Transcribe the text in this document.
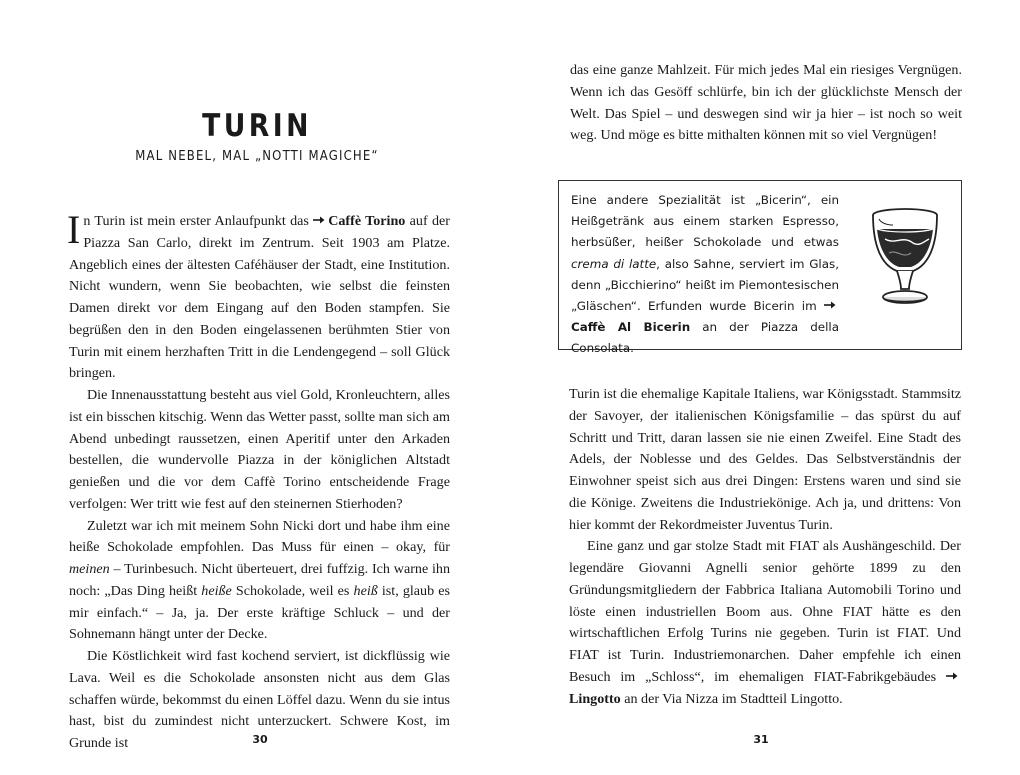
TURIN
MAL NEBEL, MAL „NOTTI MAGICHE“

In Turin ist mein erster Anlaufpunkt das Caffè Torino auf der Piazza San Carlo, direkt im Zentrum. Seit 1903 am Platze. Angeblich eines der ältesten Caféhäuser der Stadt, eine Institution. Nicht wundern, wenn Sie beobachten, wie selbst die feinsten Damen direkt vor dem Eingang auf den Boden stampfen. Sie begrüßen den in den Boden eingelassenen berühmten Stier von Turin mit einem herzhaften Tritt in die Lendengegend – soll Glück bringen.

Die Innenausstattung besteht aus viel Gold, Kronleuchtern, alles ist ein bisschen kitschig. Wenn das Wetter passt, sollte man sich am Abend unbedingt raussetzen, einen Aperitif unter den Arkaden bestellen, die wundervolle Piazza in der königlichen Altstadt genießen und die vor dem Caffè Torino entscheidende Frage verfolgen: Wer tritt wie fest auf den steinernen Stierhoden?

Zuletzt war ich mit meinem Sohn Nicki dort und habe ihm eine heiße Schokolade empfohlen. Das Muss für einen – okay, für meinen – Turinbesuch. Nicht überteuert, drei fuffzig. Ich warne ihn noch: „Das Ding heißt heiße Schokolade, weil es heiß ist, glaub es mir einfach.“ – Ja, ja. Der erste kräftige Schluck – und der Sohnemann hängt unter der Decke.

Die Köstlichkeit wird fast kochend serviert, ist dickflüssig wie Lava. Weil es die Schokolade ansonsten nicht aus dem Glas schaffen würde, bekommst du einen Löffel dazu. Wenn du sie intus hast, bist du zumindest nicht unterzuckert. Schwere Kost, im Grunde ist	30

das eine ganze Mahlzeit. Für mich jedes Mal ein riesiges Vergnügen. Wenn ich das Gesöff schlürfe, bin ich der glücklichste Mensch der Welt. Das Spiel – und deswegen sind wir ja hier – ist noch so weit weg. Und möge es bitte mithalten können mit so viel Vergnügen!

Eine andere Spezialität ist „Bicerin“, ein Heißgetränk aus einem starken Espresso, herbsüßer, heißer Schokolade und etwas crema di latte, also Sahne, serviert im Glas, denn „Bicchierino“ heißt im Piemontesischen „Gläschen“. Erfunden wurde Bicerin im Caffè Al Bicerin an der Piazza della Consolata.

Turin ist die ehemalige Kapitale Italiens, war Königsstadt. Stammsitz der Savoyer, der italienischen Königsfamilie – das spürst du auf Schritt und Tritt, daran lassen sie nie einen Zweifel. Eine Stadt des Adels, der Noblesse und des Geldes. Das Selbstverständnis der Einwohner speist sich aus drei Dingen: Erstens waren und sind sie die Könige. Zweitens die Industriekönige. Ach ja, und drittens: Von hier kommt der Rekordmeister Juventus Turin.

Eine ganz und gar stolze Stadt mit FIAT als Aushängeschild. Der legendäre Giovanni Agnelli senior gehörte 1899 zu den Gründungsmitgliedern der Fabbrica Italiana Automobili Torino und löste einen industriellen Boom aus. Ohne FIAT hätte es den wirtschaftlichen Erfolg Turins nie gegeben. Turin ist FIAT. Und FIAT ist Turin. Industriemonarchen. Daher empfehle ich einen Besuch im „Schloss“, im ehemaligen FIAT-Fabrikgebäudes Lingotto an der Via Nizza im Stadtteil Lingotto.

31
